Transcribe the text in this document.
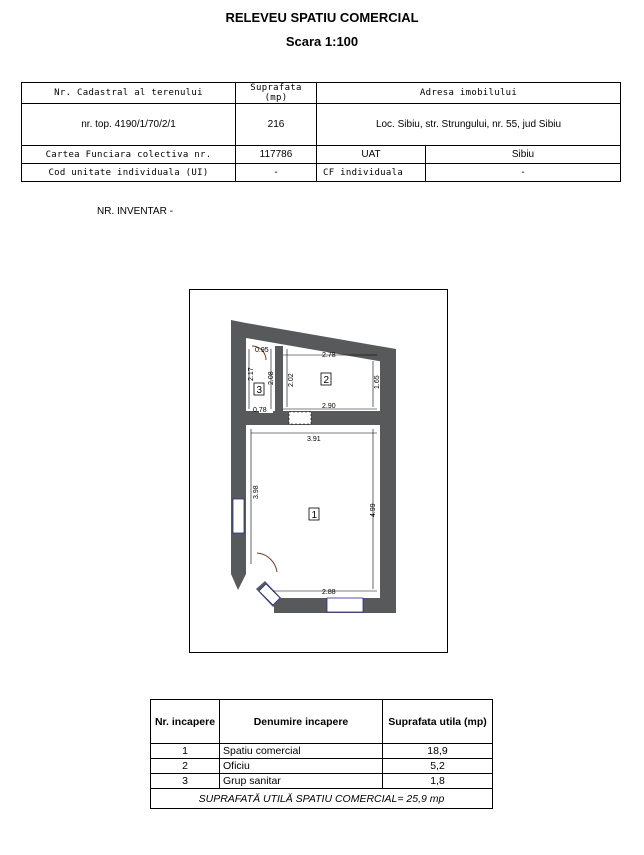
RELEVEU SPATIU COMERCIAL
Scara 1:100
Nr. Cadastral al terenului	Suprafata (mp)	Adresa imobilului	
nr. top. 4190/1/70/2/1	216	Loc. Sibiu, str. Strungului, nr. 55, jud Sibiu	
Cartea Funciara colectiva nr.	117786	UAT	Sibiu
Cod unitate individuala (UI)	-	CF individuala	-
NR. INVENTAR -
2.78
2.90
3.91
2.88
0.95
0.78
3.98
4.99
1.65
2.02
2.17 2.08
1
2
3
Nr. incapere	Denumire incapere	Suprafata utila (mp)
1	Spatiu comercial	18,9
2	Oficiu	5,2
3	Grup sanitar	1,8
SUPRAFATĂ UTILĂ SPATIU COMERCIAL= 25,9 mp		
